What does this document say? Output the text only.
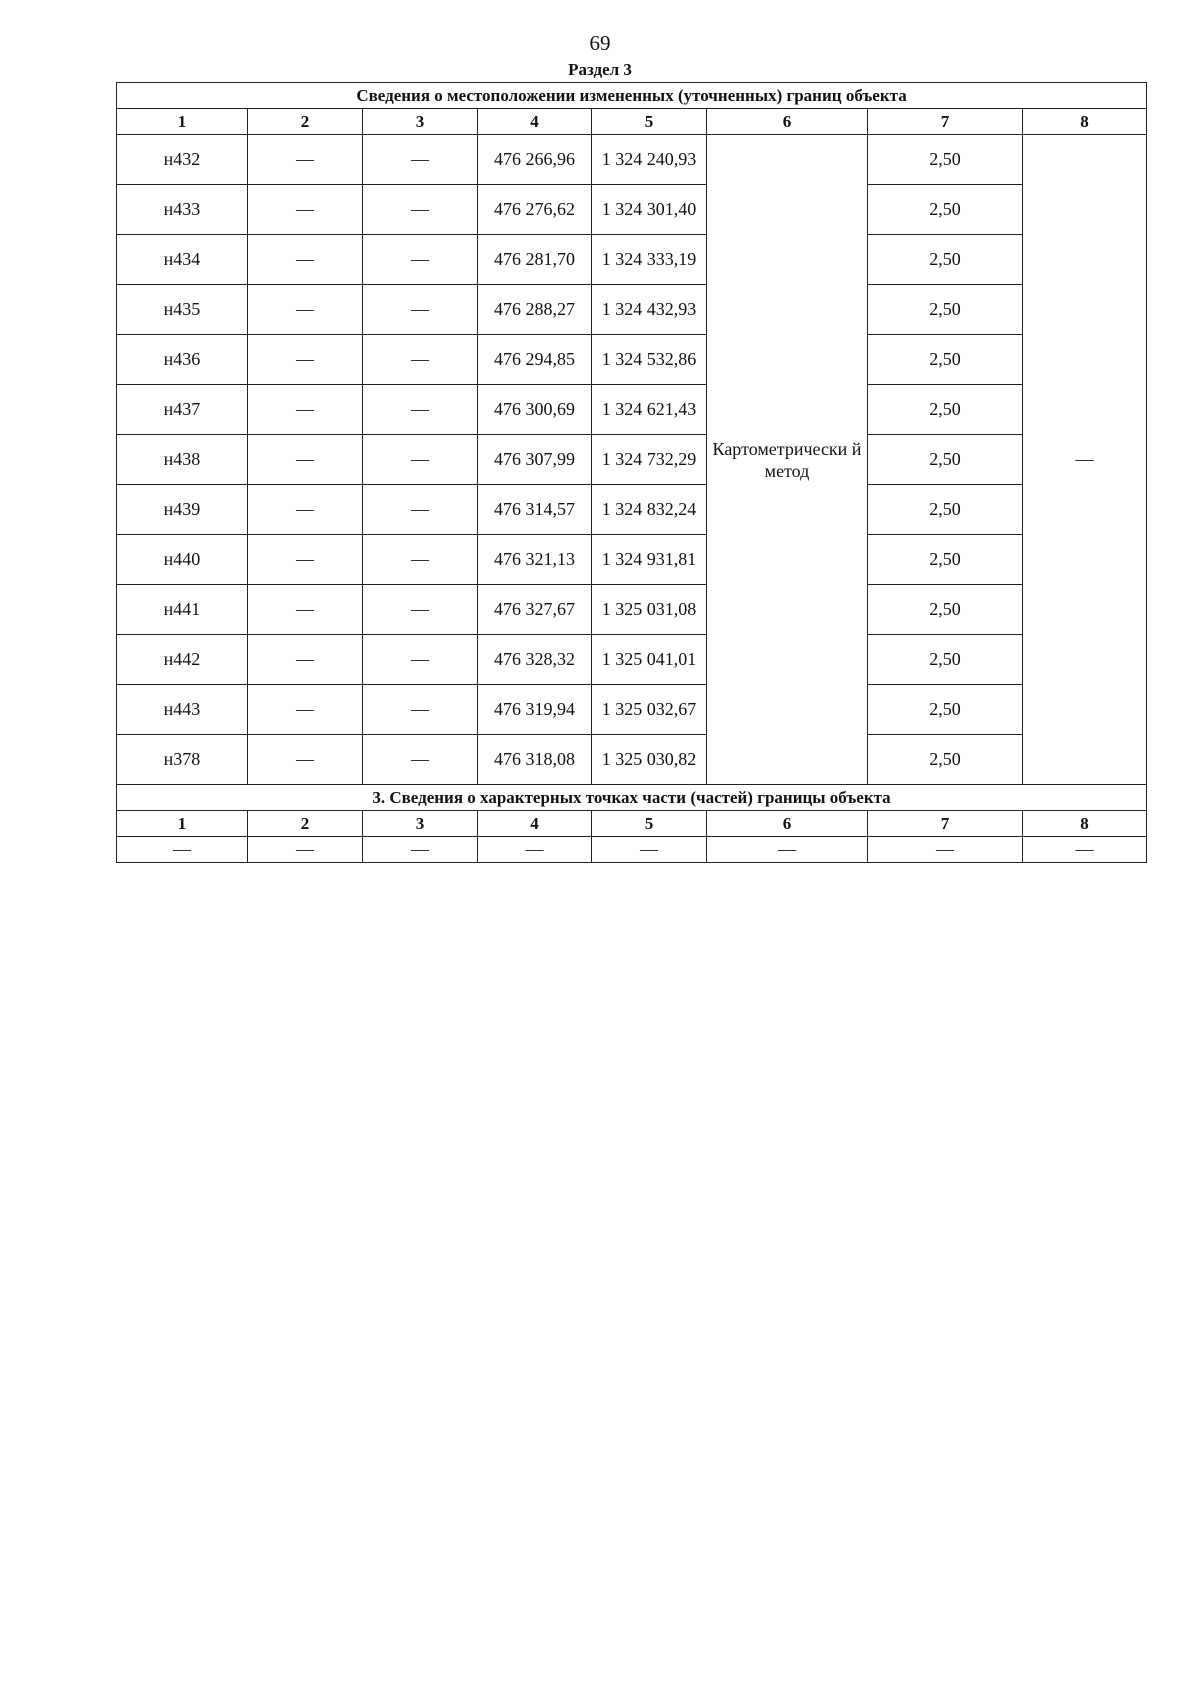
69
Раздел 3
Сведения о местоположении измененных (уточненных) границ объекта							
1	2	3	4	5	6	7	8
н432	—	—	476 266,96	1 324 240,93	Картометрически й метод	2,50	—
н433	—	—	476 276,62	1 324 301,40		2,50	
н434	—	—	476 281,70	1 324 333,19		2,50	
н435	—	—	476 288,27	1 324 432,93		2,50	
н436	—	—	476 294,85	1 324 532,86		2,50	
н437	—	—	476 300,69	1 324 621,43		2,50	
н438	—	—	476 307,99	1 324 732,29		2,50	
н439	—	—	476 314,57	1 324 832,24		2,50	
н440	—	—	476 321,13	1 324 931,81		2,50	
н441	—	—	476 327,67	1 325 031,08		2,50	
н442	—	—	476 328,32	1 325 041,01		2,50	
н443	—	—	476 319,94	1 325 032,67		2,50	
н378	—	—	476 318,08	1 325 030,82		2,50	
3. Сведения о характерных точках части (частей) границы объекта							
1	2	3	4	5	6	7	8
—	—	—	—	—	—	—	—
